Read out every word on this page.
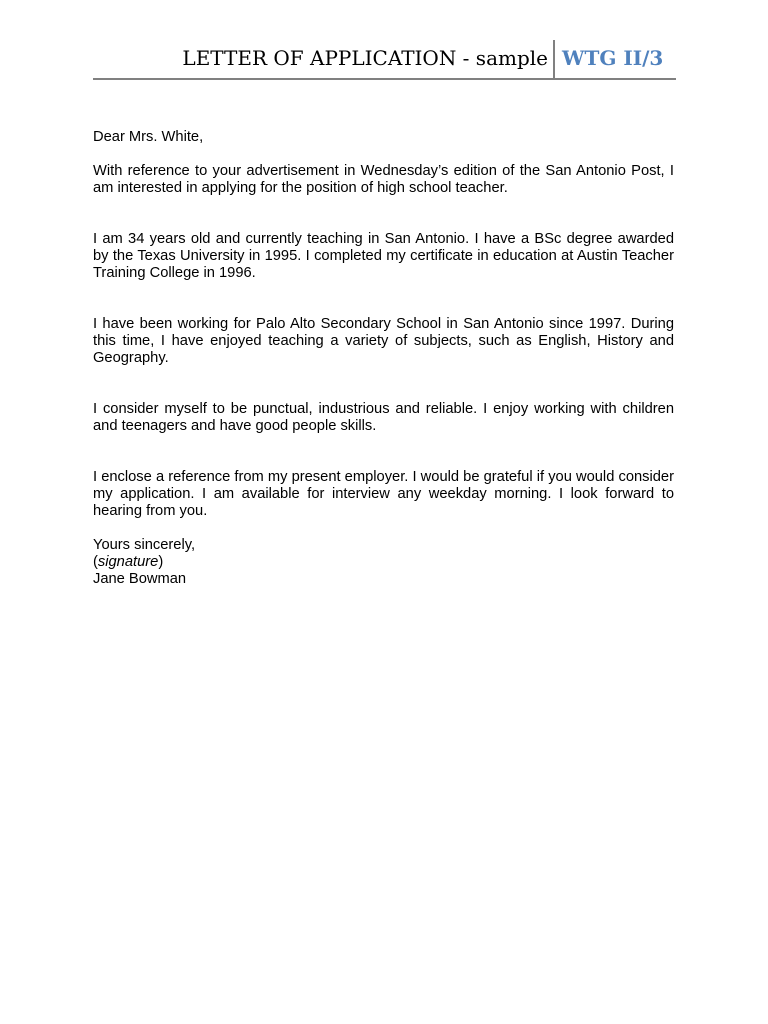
LETTER OF APPLICATION - sample WTG II/3

Dear Mrs. White,

With reference to your advertisement in Wednesday’s edition of the San Antonio Post, I am interested in applying for the position of high school teacher.

I am 34 years old and currently teaching in San Antonio. I have a BSc degree awarded by the Texas University in 1995. I completed my certificate in education at Austin Teacher Training College in 1996.

I have been working for Palo Alto Secondary School in San Antonio since 1997. During this time, I have enjoyed teaching a variety of subjects, such as English, History and Geography.

I consider myself to be punctual, industrious and reliable. I enjoy working with children and teenagers and have good people skills.

I enclose a reference from my present employer. I would be grateful if you would consider my application. I am available for interview any weekday morning. I look forward to hearing from you.

Yours sincerely,

(signature)

Jane Bowman
